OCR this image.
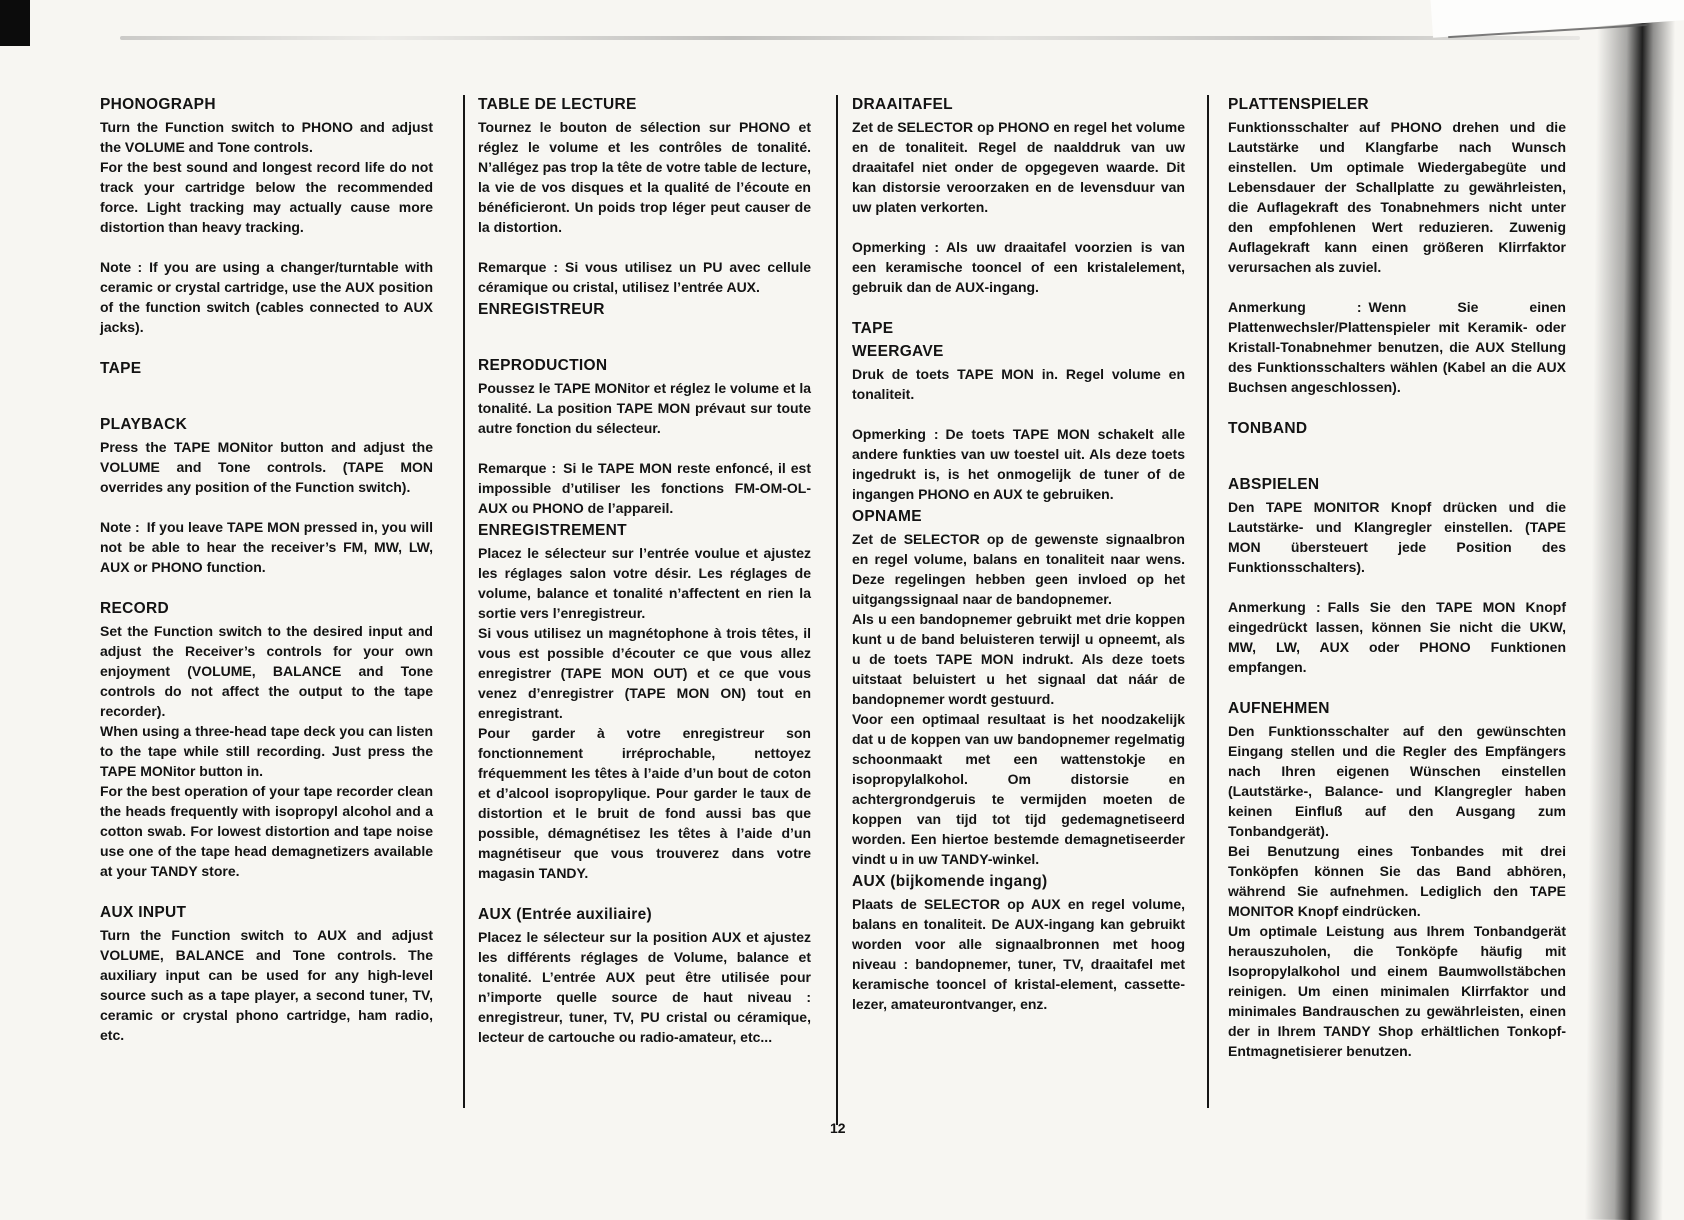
PHONOGRAPH

Turn the Function switch to PHONO and adjust the VOLUME and Tone controls.

For the best sound and longest record life do not track your cartridge below the recommended force. Light tracking may actually cause more distortion than heavy tracking.

Note : If you are using a changer/turntable with ceramic or crystal cartridge, use the AUX position of the function switch (cables connected to AUX jacks).

TAPE
PLAYBACK

Press the TAPE MONitor button and adjust the VOLUME and Tone controls. (TAPE MON overrides any position of the Function switch).

Note : If you leave TAPE MON pressed in, you will not be able to hear the receiver’s FM, MW, LW, AUX or PHONO function.

RECORD

Set the Function switch to the desired input and adjust the Receiver’s controls for your own enjoyment (VOLUME, BALANCE and Tone controls do not affect the output to the tape recorder).

When using a three-head tape deck you can listen to the tape while still recording. Just press the TAPE MONitor button in.

For the best operation of your tape recorder clean the heads frequently with isopropyl alcohol and a cotton swab. For lowest distortion and tape noise use one of the tape head demagnetizers available at your TANDY store.

AUX INPUT

Turn the Function switch to AUX and adjust VOLUME, BALANCE and Tone controls. The auxiliary input can be used for any high-level source such as a tape player, a second tuner, TV, ceramic or crystal phono cartridge, ham radio, etc.

TABLE DE LECTURE

Tournez le bouton de sélection sur PHONO et réglez le volume et les contrôles de tonalité. N’allégez pas trop la tête de votre table de lecture, la vie de vos disques et la qualité de l’écoute en bénéficieront. Un poids trop léger peut causer de la distortion.

Remarque : Si vous utilisez un PU avec cellule céramique ou cristal, utilisez l’entrée AUX.

ENREGISTREUR
REPRODUCTION

Poussez le TAPE MONitor et réglez le volume et la tonalité. La position TAPE MON prévaut sur toute autre fonction du sélecteur.

Remarque : Si le TAPE MON reste enfoncé, il est impossible d’utiliser les fonctions FM-OM-OL-AUX ou PHONO de l’appareil.

ENREGISTREMENT

Placez le sélecteur sur l’entrée voulue et ajustez les réglages salon votre désir. Les réglages de volume, balance et tonalité n’affectent en rien la sortie vers l’enregistreur.

Si vous utilisez un magnétophone à trois têtes, il vous est possible d’écouter ce que vous allez enregistrer (TAPE MON OUT) et ce que vous venez d’enregistrer (TAPE MON ON) tout en enregistrant.

Pour garder à votre enregistreur son fonctionnement irréprochable, nettoyez fréquemment les têtes à l’aide d’un bout de coton et d’alcool isopropylique. Pour garder le taux de distortion et le bruit de fond aussi bas que possible, démagnétisez les têtes à l’aide d’un magnétiseur que vous trouverez dans votre magasin TANDY.

AUX (Entrée auxiliaire)

Placez le sélecteur sur la position AUX et ajustez les différents réglages de Volume, balance et tonalité. L’entrée AUX peut être utilisée pour n’importe quelle source de haut niveau : enregistreur, tuner, TV, PU cristal ou céramique, lecteur de cartouche ou radio-amateur, etc...

DRAAITAFEL

Zet de SELECTOR op PHONO en regel het volume en de tonaliteit. Regel de naalddruk van uw draaitafel niet onder de opgegeven waarde. Dit kan distorsie veroorzaken en de levensduur van uw platen verkorten.

Opmerking : Als uw draaitafel voorzien is van een keramische tooncel of een kristalelement, gebruik dan de AUX-ingang.

TAPE
WEERGAVE

Druk de toets TAPE MON in. Regel volume en tonaliteit.

Opmerking : De toets TAPE MON schakelt alle andere funkties van uw toestel uit. Als deze toets ingedrukt is, is het onmogelijk de tuner of de ingangen PHONO en AUX te gebruiken.

OPNAME

Zet de SELECTOR op de gewenste signaalbron en regel volume, balans en tonaliteit naar wens. Deze regelingen hebben geen invloed op het uitgangssignaal naar de bandopnemer.

Als u een bandopnemer gebruikt met drie koppen kunt u de band beluisteren terwijl u opneemt, als u de toets TAPE MON indrukt. Als deze toets uitstaat beluistert u het signaal dat náár de bandopnemer wordt gestuurd.

Voor een optimaal resultaat is het noodzakelijk dat u de koppen van uw bandopnemer regelmatig schoonmaakt met een wattenstokje en isopropylalkohol. Om distorsie en achtergrondgeruis te vermijden moeten de koppen van tijd tot tijd gedemagnetiseerd worden. Een hiertoe bestemde demagnetiseerder vindt u in uw TANDY-winkel.

AUX (bijkomende ingang)

Plaats de SELECTOR op AUX en regel volume, balans en tonaliteit. De AUX-ingang kan gebruikt worden voor alle signaalbronnen met hoog niveau : bandopnemer, tuner, TV, draaitafel met keramische tooncel of kristal-element, cassette-lezer, amateurontvanger, enz.

PLATTENSPIELER

Funktionsschalter auf PHONO drehen und die Lautstärke und Klangfarbe nach Wunsch einstellen. Um optimale Wiedergabegüte und Lebensdauer der Schallplatte zu gewährleisten, die Auflagekraft des Tonabnehmers nicht unter den empfohlenen Wert reduzieren. Zuwenig Auflagekraft kann einen größeren Klirrfaktor verursachen als zuviel.

Anmerkung : Wenn Sie einen Plattenwechsler/Plattenspieler mit Keramik- oder Kristall-Tonabnehmer benutzen, die AUX Stellung des Funktionsschalters wählen (Kabel an die AUX Buchsen angeschlossen).

TONBAND
ABSPIELEN

Den TAPE MONITOR Knopf drücken und die Lautstärke- und Klangregler einstellen. (TAPE MON übersteuert jede Position des Funktionsschalters).

Anmerkung : Falls Sie den TAPE MON Knopf eingedrückt lassen, können Sie nicht die UKW, MW, LW, AUX oder PHONO Funktionen empfangen.

AUFNEHMEN

Den Funktionsschalter auf den gewünschten Eingang stellen und die Regler des Empfängers nach Ihren eigenen Wünschen einstellen (Lautstärke-, Balance- und Klangregler haben keinen Einfluß auf den Ausgang zum Tonbandgerät).

Bei Benutzung eines Tonbandes mit drei Tonköpfen können Sie das Band abhören, während Sie aufnehmen. Lediglich den TAPE MONITOR Knopf eindrücken.

Um optimale Leistung aus Ihrem Tonbandgerät herauszuholen, die Tonköpfe häufig mit Isopropylalkohol und einem Baumwollstäbchen reinigen. Um einen minimalen Klirrfaktor und minimales Bandrauschen zu gewährleisten, einen der in Ihrem TANDY Shop erhältlichen Tonkopf-Entmagnetisierer benutzen.

12
